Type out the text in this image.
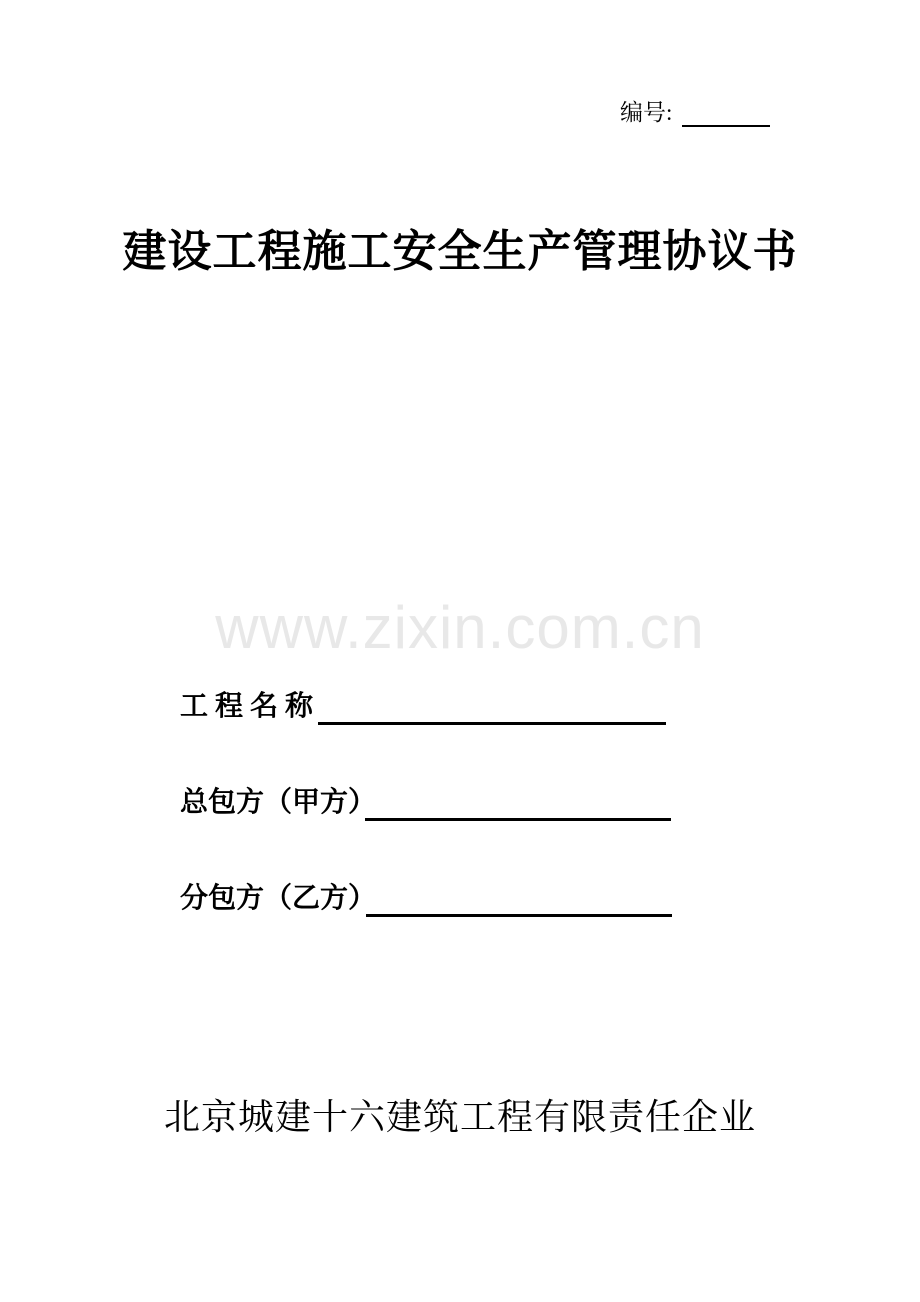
编号:
建设工程施工安全生产管理协议书
www.zixin.com.cn
工 程 名 称
总包方（甲方）
分包方（乙方）
北京城建十六建筑工程有限责任企业
